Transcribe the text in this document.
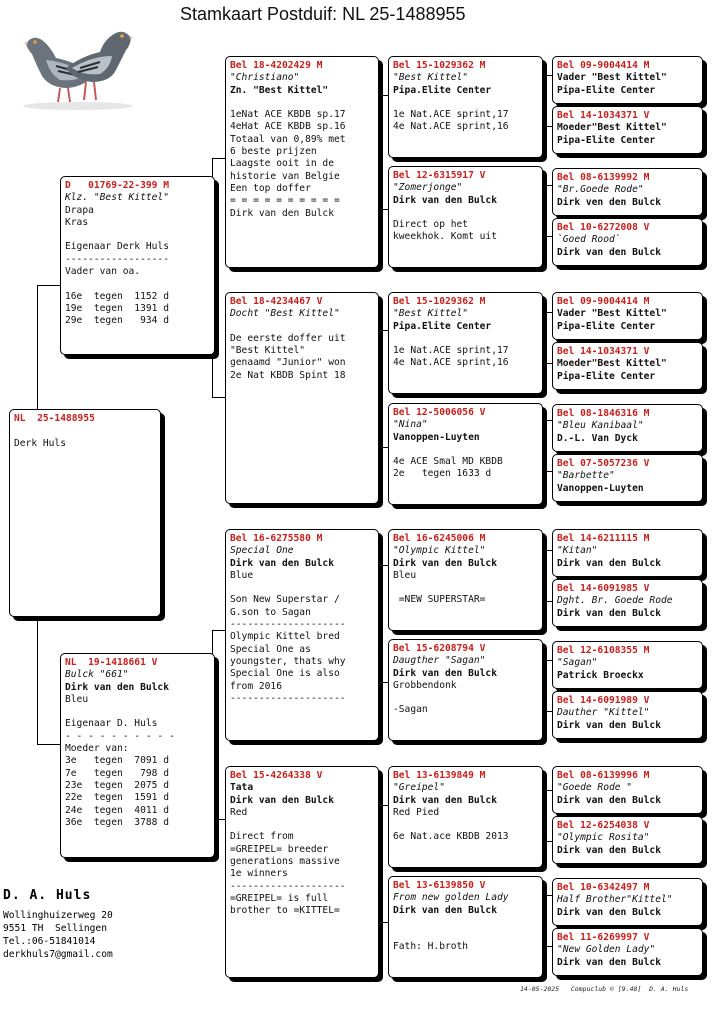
Stamkaart Postduif: NL 25-1488955
NL  25-1488955
Derk Huls
D   01769-22-399 M
Klz. "Best Kittel"
Drapa
Kras
Eigenaar Derk Huls
------------------
Vader van oa.
16e  tegen  1152 d
19e  tegen  1391 d
29e  tegen   934 d
NL  19-1418661 V
Bulck "661"
Dirk van den Bulck
Bleu
Eigenaar D. Huls
- - - - - - - - - -
Moeder van:
3e   tegen  7091 d
7e   tegen   798 d
23e  tegen  2075 d
22e  tegen  1591 d
24e  tegen  4011 d
36e  tegen  3788 d
Bel 18-4202429 M
"Christiano"
Zn. "Best Kittel"
1eNat ACE KBDB sp.17
4eHat ACE KBDB sp.16
Totaal van 0,89% met
6 beste prijzen
Laagste ooit in de
historie van Belgie
Een top doffer
= = = = = = = = = =
Dirk van den Bulck
Bel 18-4234467 V
Docht "Best Kittel"
De eerste doffer uit
"Best Kittel"
genaamd "Junior" won
2e Nat KBDB Spint 18
Bel 16-6275580 M
Special One
Dirk van den Bulck
Blue
Son New Superstar /
G.son to Sagan
--------------------
Olympic Kittel bred
Special One as
youngster, thats why
Special One is also
from 2016
--------------------
Bel 15-4264338 V
Tata
Dirk van den Bulck
Red
Direct from
=GREIPEL= breeder
generations massive
1e winners
--------------------
=GREIPEL= is full
brother to =KITTEL=
Bel 15-1029362 M
"Best Kittel"
Pipa.Elite Center
1e Nat.ACE sprint,17
4e Nat.ACE sprint,16
Bel 12-6315917 V
"Zomerjonge"
Dirk van den Bulck
Direct op het
kweekhok. Komt uit
Bel 15-1029362 M
"Best Kittel"
Pipa.Elite Center
1e Nat.ACE sprint,17
4e Nat.ACE sprint,16
Bel 12-5006056 V
"Nina"
Vanoppen-Luyten
4e ACE Smal MD KBDB
2e   tegen 1633 d
Bel 16-6245006 M
"Olympic Kittel"
Dirk van den Bulck
Bleu
=NEW SUPERSTAR=
Bel 15-6208794 V
Daugther "Sagan"
Dirk van den Bulck
Grobbendonk
-Sagan
Bel 13-6139849 M
"Greipel"
Dirk van den Bulck
Red Pied
6e Nat.ace KBDB 2013
Bel 13-6139850 V
From new golden Lady
Dirk van den Bulck
Fath: H.broth
Bel 09-9004414 M
Vader "Best Kittel"
Pipa-Elite Center
Bel 14-1034371 V
Moeder"Best Kittel"
Pipa-Elite Center
Bel 08-6139992 M
"Br.Goede Rode"
Dirk ven den Bulck
Bel 10-6272008 V
`Goed Rood`
Dirk van den Bulck
Bel 09-9004414 M
Vader "Best Kittel"
Pipa-Elite Center
Bel 14-1034371 V
Moeder"Best Kittel"
Pipa-Elite Center
Bel 08-1846316 M
"Bleu Kanibaal"
D.-L. Van Dyck
Bel 07-5057236 V
"Barbette"
Vanoppen-Luyten
Bel 14-6211115 M
"Kitan"
Dirk van den Bulck
Bel 14-6091985 V
Dght. Br. Goede Rode
Dirk van den Bulck
Bel 12-6108355 M
"Sagan"
Patrick Broeckx
Bel 14-6091989 V
Dauther "Kittel"
Dirk van den Bulck
Bel 08-6139996 M
"Goede Rode "
Dirk van den Bulck
Bel 12-6254038 V
"Olympic Rosita"
Dirk van den Bulck
Bel 10-6342497 M
Half Brother"Kittel"
Dirk van den Bulck
Bel 11-6269997 V
"New Golden Lady"
Dirk van den Bulck
D. A. Huls
Wollinghuizerweg 20
9551 TH  Sellingen
Tel.:06-51841014
derkhuls7@gmail.com
14-05-2025   Compuclub © [9.48]  D. A. Huls
